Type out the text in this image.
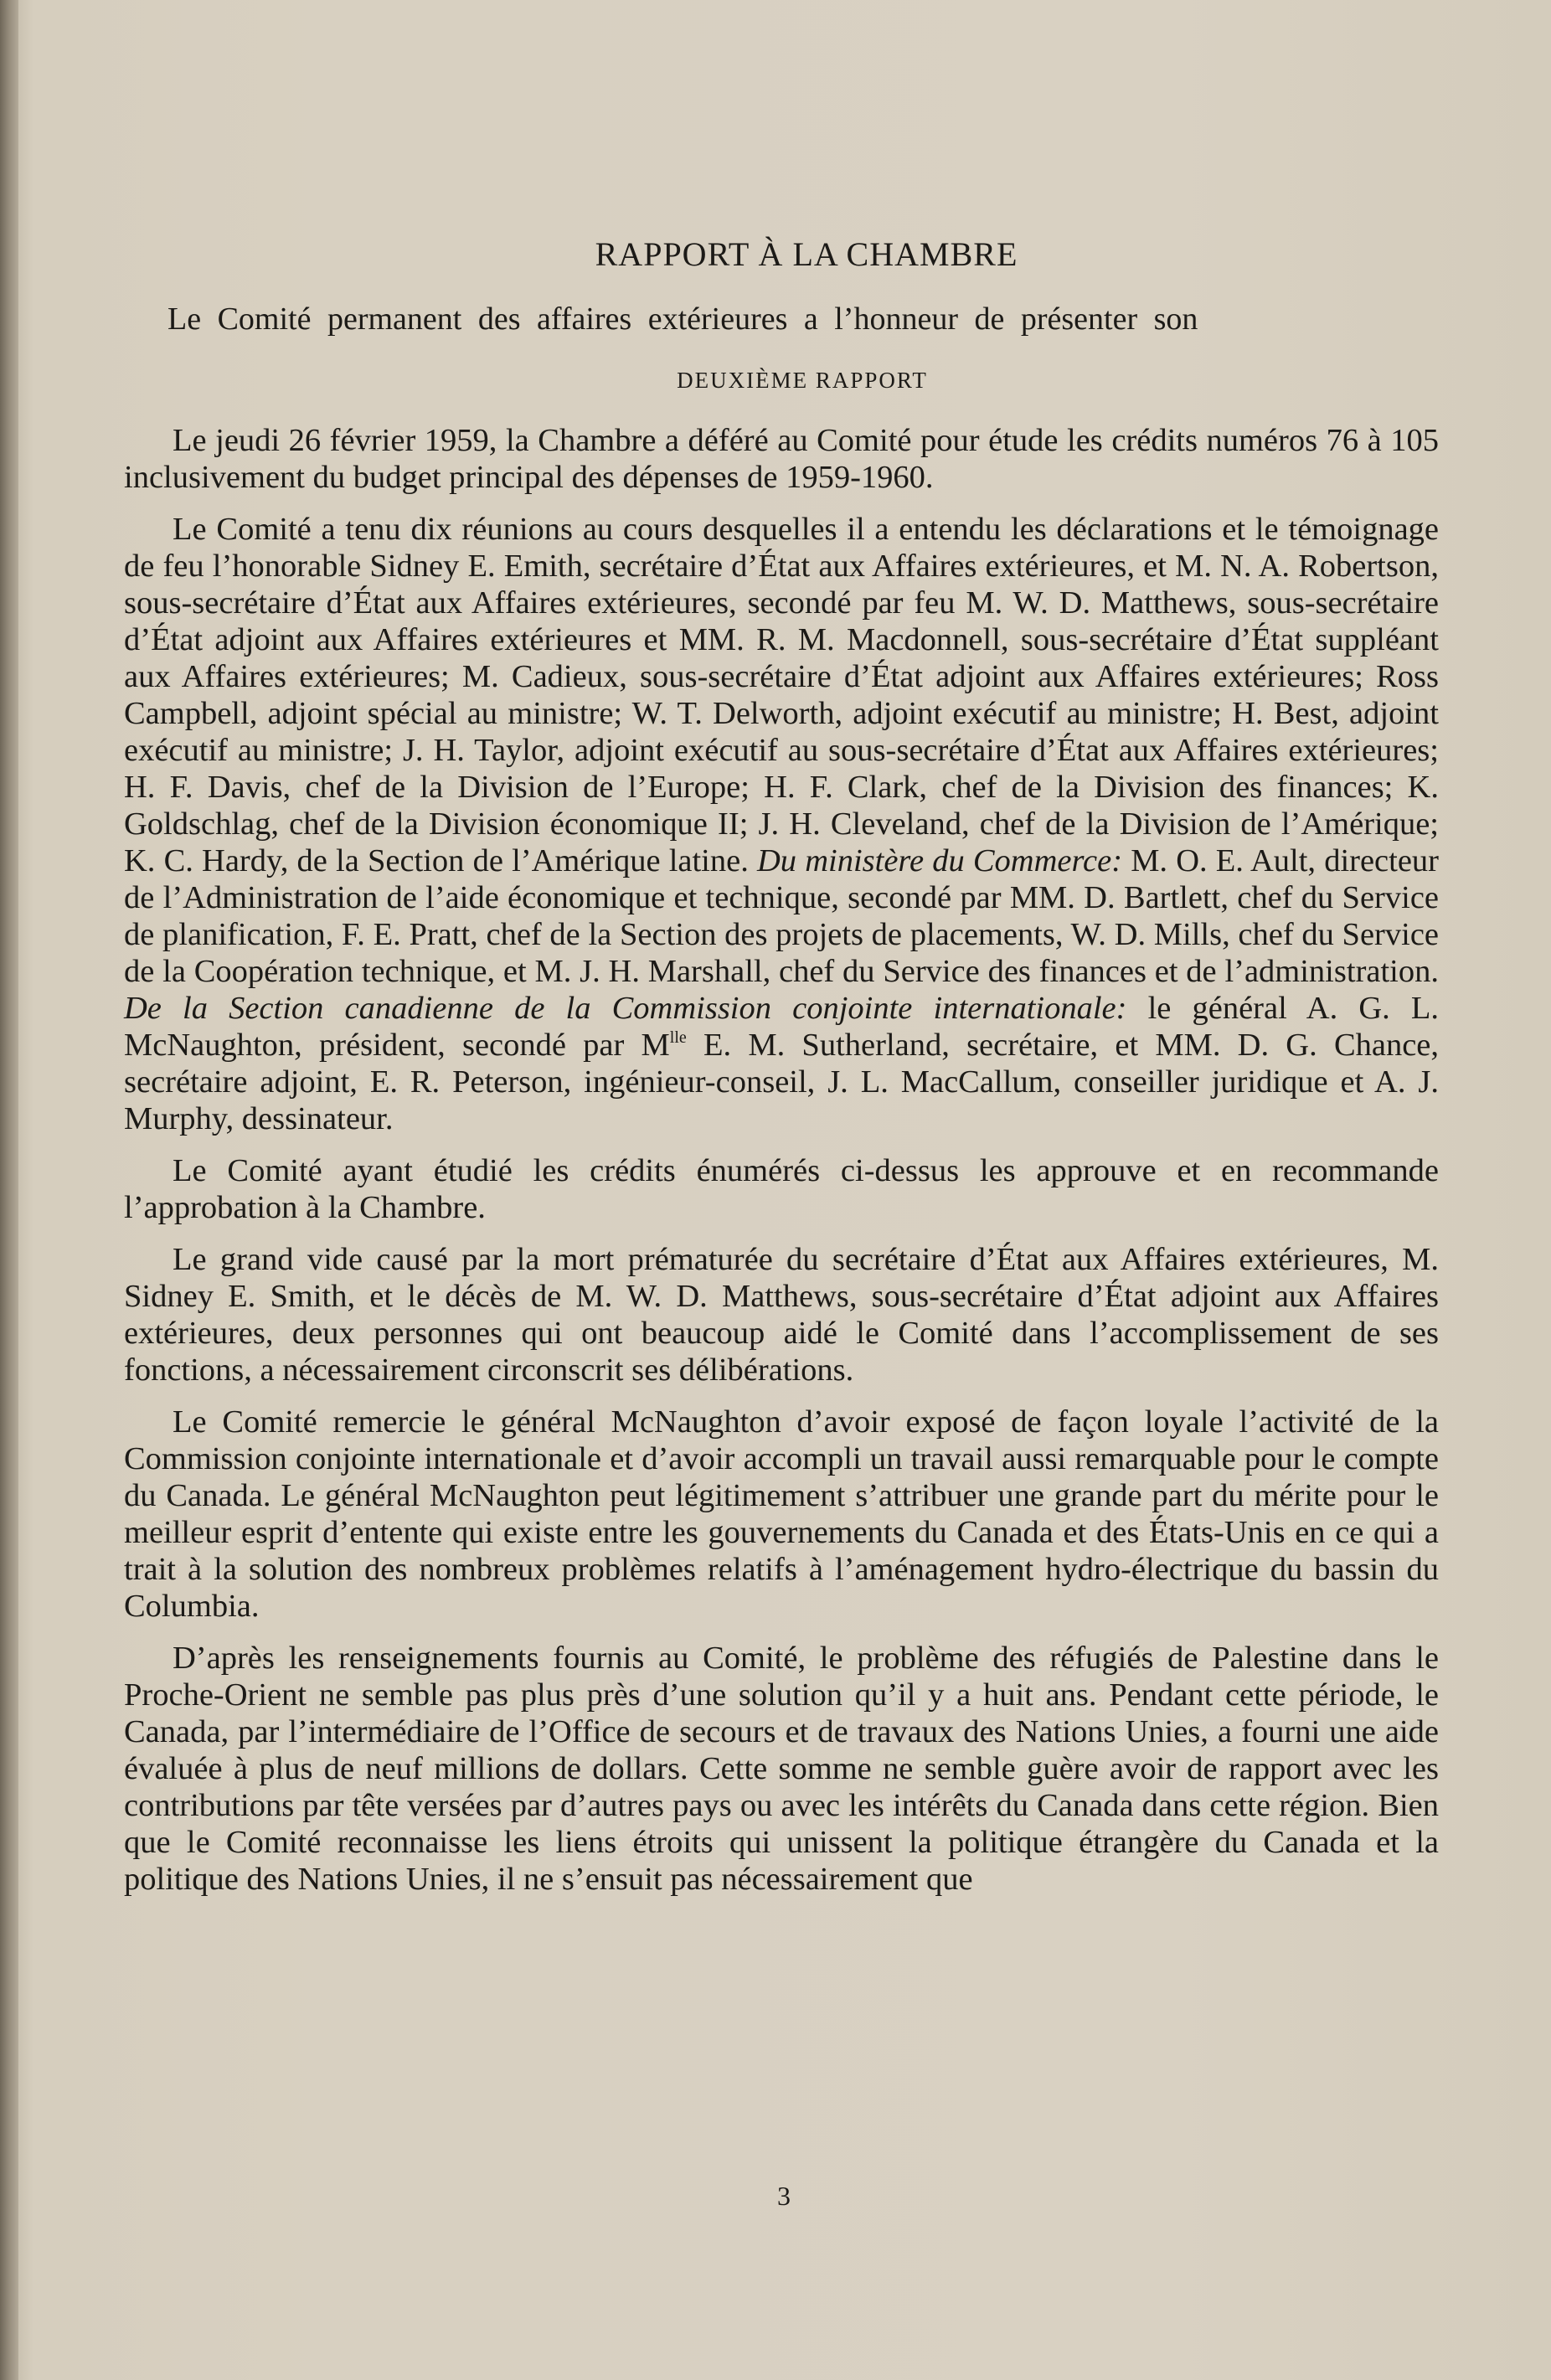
RAPPORT À LA CHAMBRE
Le Comité permanent des affaires extérieures a l’honneur de présenter son
DEUXIÈME RAPPORT

Le jeudi 26 février 1959, la Chambre a déféré au Comité pour étude les crédits numéros 76 à 105 inclusivement du budget principal des dépenses de 1959-1960.

Le Comité a tenu dix réunions au cours desquelles il a entendu les déclarations et le témoignage de feu l’honorable Sidney E. Emith, secrétaire d’État aux Affaires extérieures, et M. N. A. Robertson, sous-secrétaire d’État aux Affaires extérieures, secondé par feu M. W. D. Matthews, sous-secrétaire d’État adjoint aux Affaires extérieures et MM. R. M. Macdonnell, sous-secrétaire d’État suppléant aux Affaires extérieures; M. Cadieux, sous-secrétaire d’État adjoint aux Affaires extérieures; Ross Campbell, adjoint spécial au ministre; W. T. Delworth, adjoint exécutif au ministre; H. Best, adjoint exécutif au ministre; J. H. Taylor, adjoint exécutif au sous-secrétaire d’État aux Affaires extérieures; H. F. Davis, chef de la Division de l’Europe; H. F. Clark, chef de la Division des finances; K. Goldschlag, chef de la Division économique II; J. H. Cleveland, chef de la Division de l’Amérique; K. C. Hardy, de la Section de l’Amérique latine. Du ministère du Commerce: M. O. E. Ault, directeur de l’Administration de l’aide économique et technique, secondé par MM. D. Bartlett, chef du Service de planification, F. E. Pratt, chef de la Section des projets de placements, W. D. Mills, chef du Service de la Coopération technique, et M. J. H. Marshall, chef du Service des finances et de l’administration. De la Section canadienne de la Commission conjointe internationale: le général A. G. L. McNaughton, président, secondé par $M^{lle}$ E. M. Sutherland, secrétaire, et MM. D. G. Chance, secrétaire adjoint, E. R. Peterson, ingénieur-conseil, J. L. MacCallum, conseiller juridique et A. J. Murphy, dessinateur.

Le Comité ayant étudié les crédits énumérés ci-dessus les approuve et en recommande l’approbation à la Chambre.

Le grand vide causé par la mort prématurée du secrétaire d’État aux Affaires extérieures, M. Sidney E. Smith, et le décès de M. W. D. Matthews, sous-secrétaire d’État adjoint aux Affaires extérieures, deux personnes qui ont beaucoup aidé le Comité dans l’accomplissement de ses fonctions, a nécessairement circonscrit ses délibérations.

Le Comité remercie le général McNaughton d’avoir exposé de façon loyale l’activité de la Commission conjointe internationale et d’avoir accompli un travail aussi remarquable pour le compte du Canada. Le général McNaughton peut légitimement s’attribuer une grande part du mérite pour le meilleur esprit d’entente qui existe entre les gouvernements du Canada et des États-Unis en ce qui a trait à la solution des nombreux problèmes relatifs à l’aménagement hydro-électrique du bassin du Columbia.

D’après les renseignements fournis au Comité, le problème des réfugiés de Palestine dans le Proche-Orient ne semble pas plus près d’une solution qu’il y a huit ans. Pendant cette période, le Canada, par l’intermédiaire de l’Office de secours et de travaux des Nations Unies, a fourni une aide évaluée à plus de neuf millions de dollars. Cette somme ne semble guère avoir de rapport avec les contributions par tête versées par d’autres pays ou avec les intérêts du Canada dans cette région. Bien que le Comité reconnaisse les liens étroits qui unissent la politique étrangère du Canada et la politique des Nations Unies, il ne s’ensuit pas nécessairement que

3
